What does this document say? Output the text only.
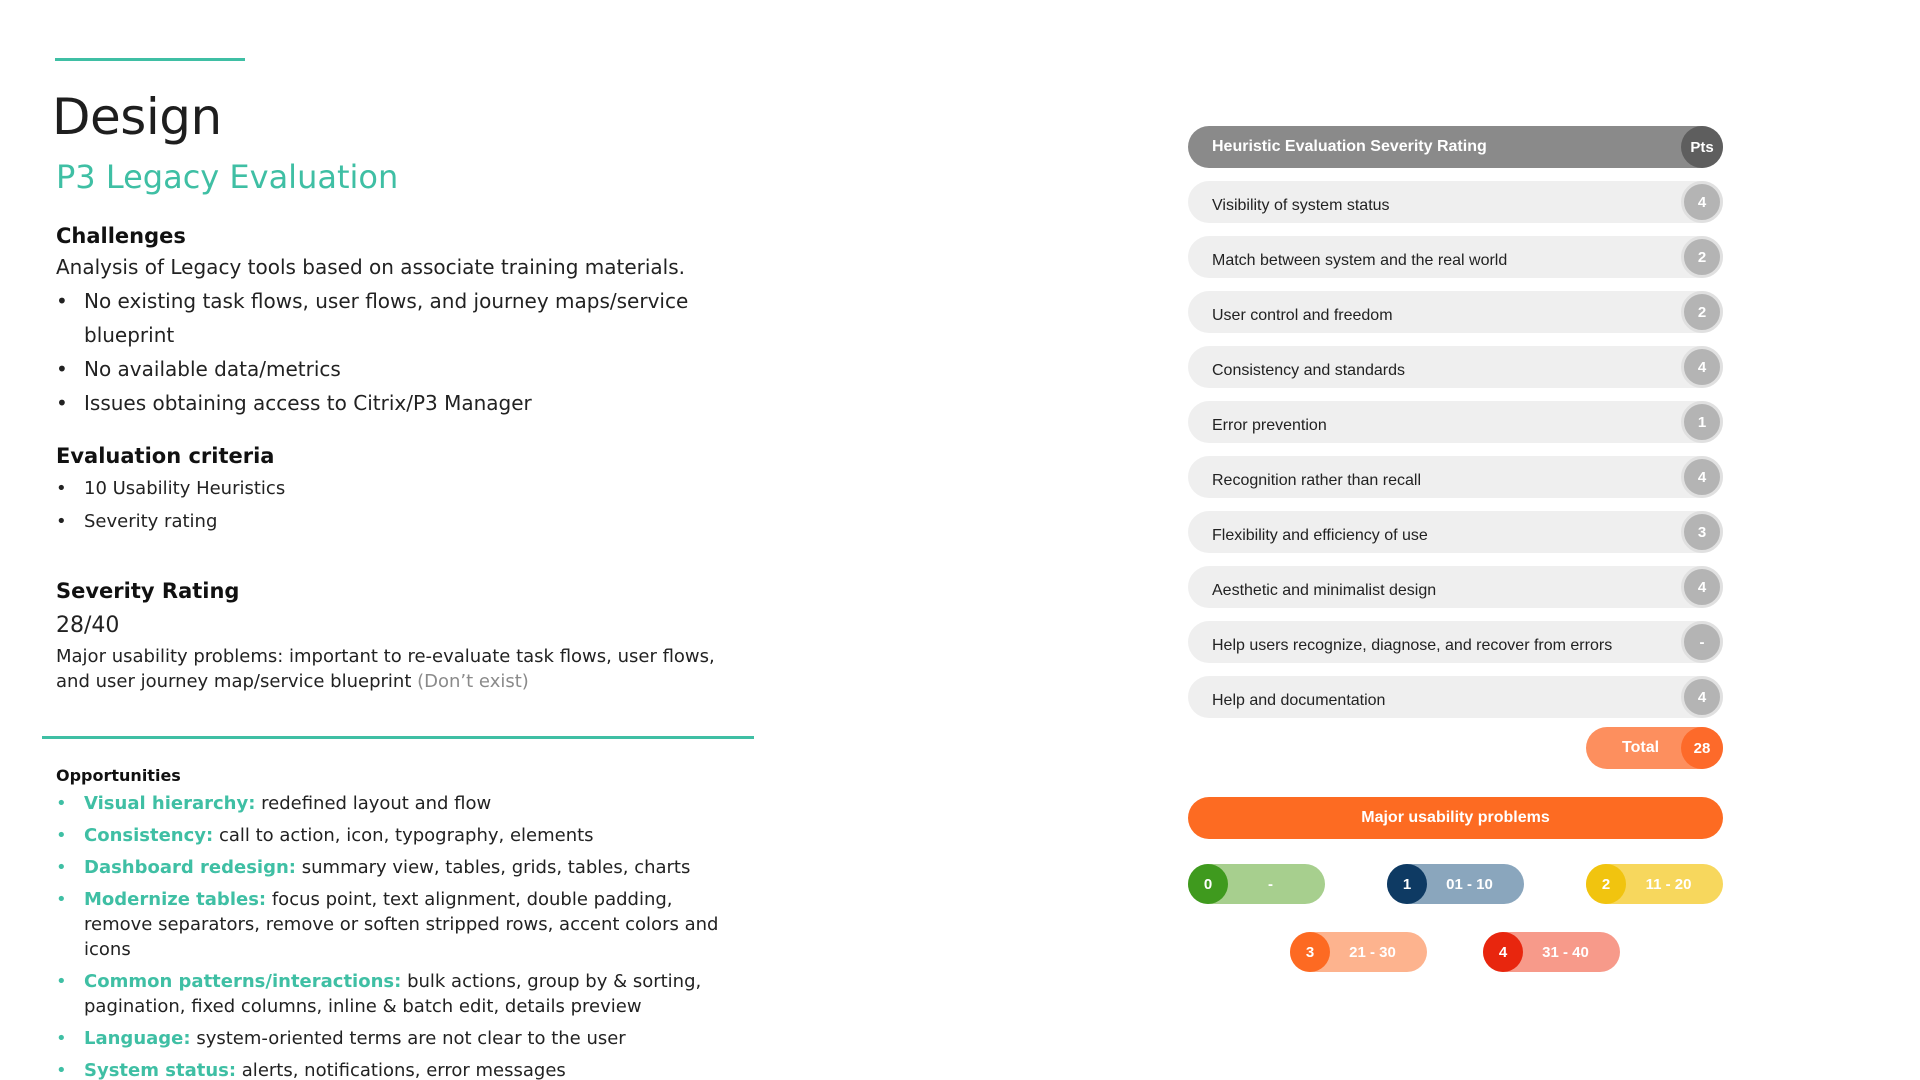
Design
P3 Legacy Evaluation
Challenges
Analysis of Legacy tools based on associate training materials.
• No existing task flows, user flows, and journey maps/service blueprint
• No available data/metrics
• Issues obtaining access to Citrix/P3 Manager
Evaluation criteria
• 10 Usability Heuristics
• Severity rating
Severity Rating
28/40
Major usability problems: important to re-evaluate task flows, user flows, and user journey map/service blueprint (Don’t exist)
Opportunities
• Visual hierarchy: redefined layout and flow
• Consistency: call to action, icon, typography, elements
• Dashboard redesign: summary view, tables, grids, tables, charts
• Modernize tables: focus point, text alignment, double padding, remove separators, remove or soften stripped rows, accent colors and icons
• Common patterns/interactions: bulk actions, group by & sorting, pagination, fixed columns, inline & batch edit, details preview
• Language: system-oriented terms are not clear to the user
• System status: alerts, notifications, error messages
Heuristic Evaluation Severity Rating	Pts
Visibility of system status	4
Match between system and the real world	2
User control and freedom	2
Consistency and standards	4
Error prevention	1
Recognition rather than recall	4
Flexibility and efficiency of use	3
Aesthetic and minimalist design	4
Help users recognize, diagnose, and recover from errors	-
Help and documentation	4
Total	28
Major usability problems
0	-	1	01 - 10	2	11 - 20
3	21 - 30	4	31 - 40
